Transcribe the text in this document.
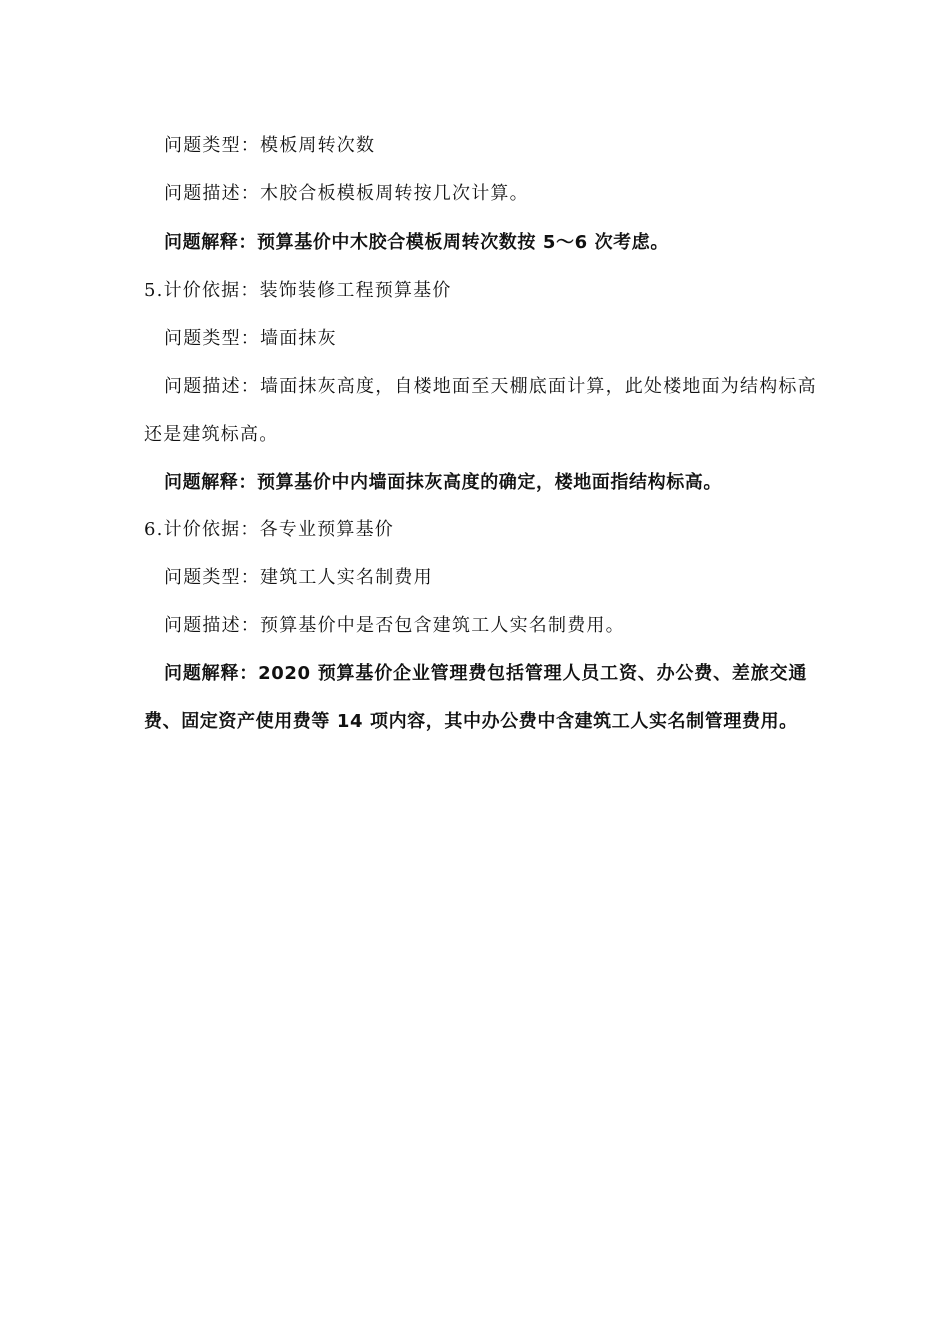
问题类型：模板周转次数
问题描述：木胶合板模板周转按几次计算。
问题解释：预算基价中木胶合模板周转次数按 5～6 次考虑。
5.计价依据：装饰装修工程预算基价
问题类型：墙面抹灰
问题描述：墙面抹灰高度，自楼地面至天棚底面计算，此处楼地面为结构标高
还是建筑标高。
问题解释：预算基价中内墙面抹灰高度的确定，楼地面指结构标高。
6.计价依据：各专业预算基价
问题类型：建筑工人实名制费用
问题描述：预算基价中是否包含建筑工人实名制费用。
问题解释：2020 预算基价企业管理费包括管理人员工资、办公费、差旅交通
费、固定资产使用费等 14 项内容，其中办公费中含建筑工人实名制管理费用。
